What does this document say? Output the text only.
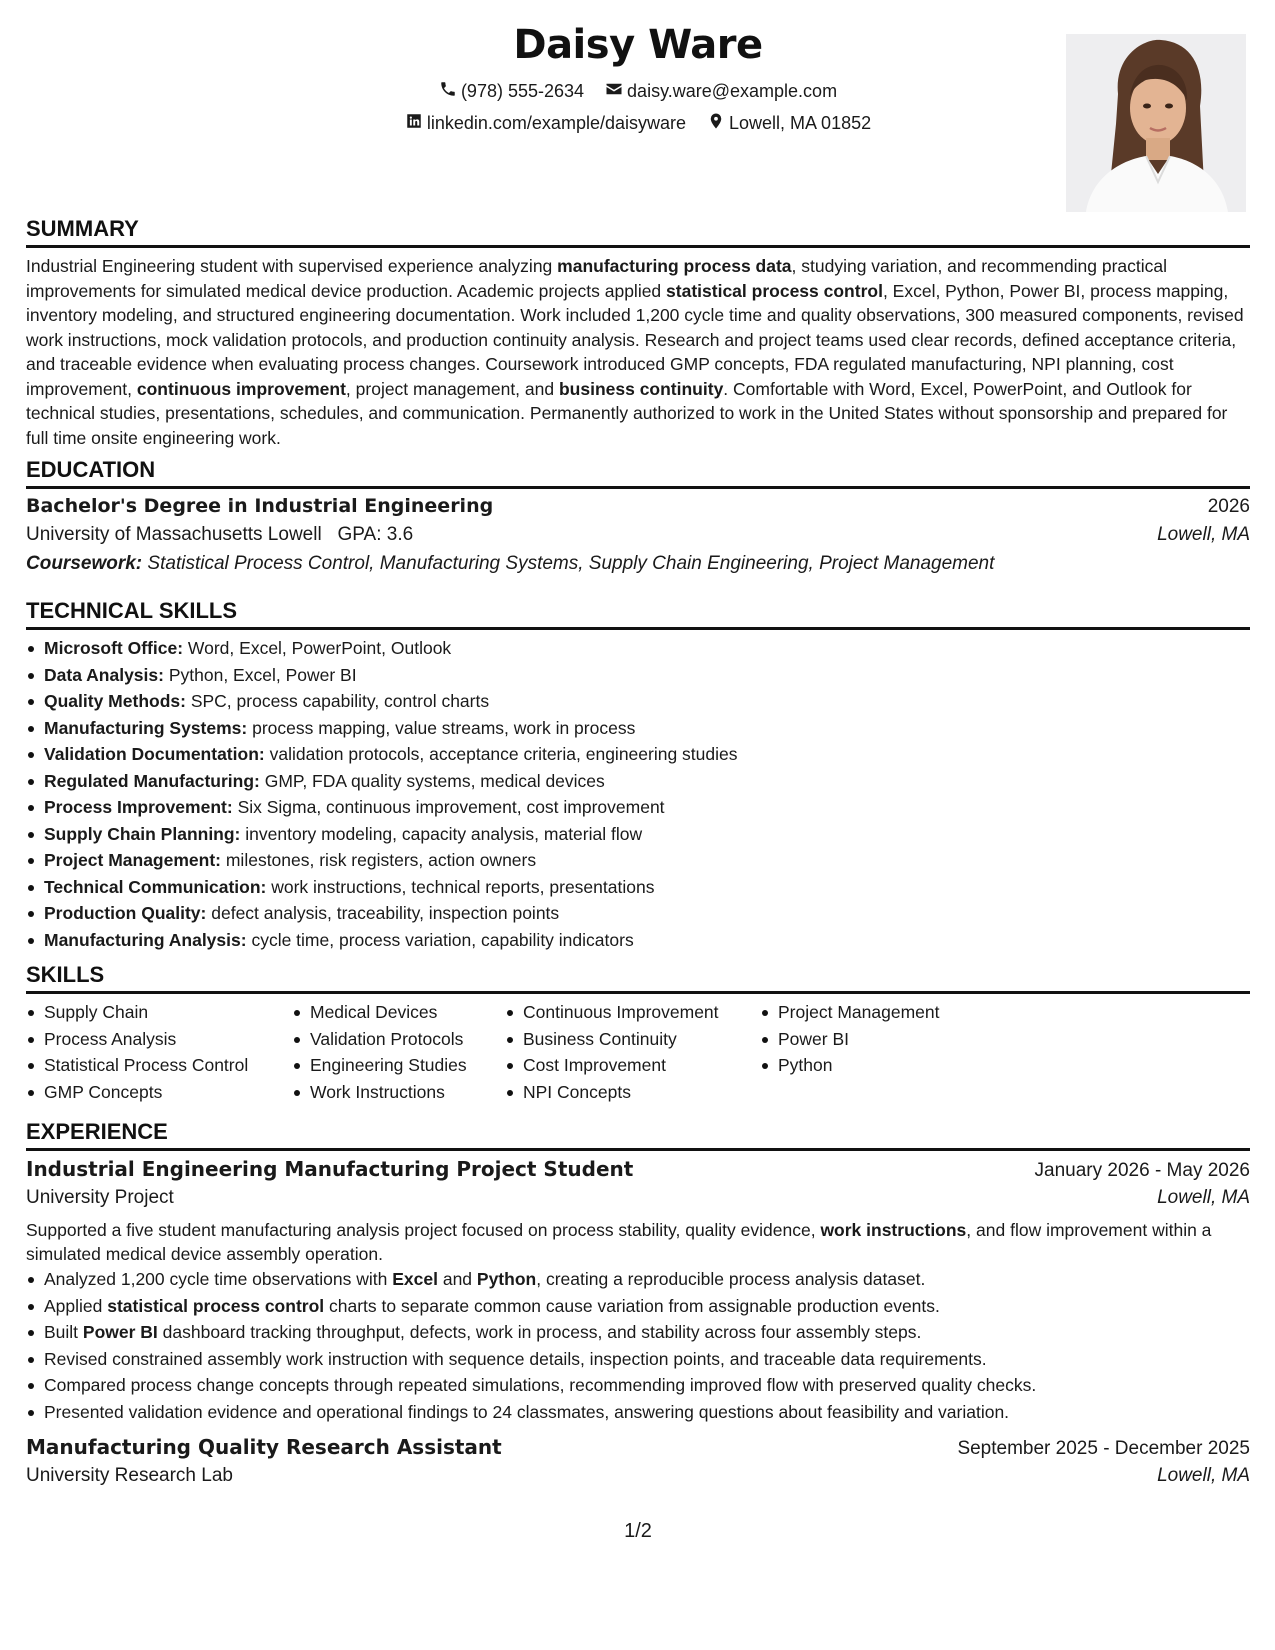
Daisy Ware
(978) 555-2634
daisy.ware@example.com
linkedin.com/example/daisyware
Lowell, MA 01852
SUMMARY

Industrial Engineering student with supervised experience analyzing manufacturing process data, studying variation, and recommending practical improvements for simulated medical device production. Academic projects applied statistical process control, Excel, Python, Power BI, process mapping, inventory modeling, and structured engineering documentation. Work included 1,200 cycle time and quality observations, 300 measured components, revised work instructions, mock validation protocols, and production continuity analysis. Research and project teams used clear records, defined acceptance criteria, and traceable evidence when evaluating process changes. Coursework introduced GMP concepts, FDA regulated manufacturing, NPI planning, cost improvement, continuous improvement, project management, and business continuity. Comfortable with Word, Excel, PowerPoint, and Outlook for technical studies, presentations, schedules, and communication. Permanently authorized to work in the United States without sponsorship and prepared for full time onsite engineering work.

EDUCATION
Bachelor's Degree in Industrial Engineering	2026
University of Massachusetts Lowell GPA: 3.6	Lowell, MA
Coursework: Statistical Process Control, Manufacturing Systems, Supply Chain Engineering, Project Management
TECHNICAL SKILLS
Microsoft Office: Word, Excel, PowerPoint, Outlook
Data Analysis: Python, Excel, Power BI
Quality Methods: SPC, process capability, control charts
Manufacturing Systems: process mapping, value streams, work in process
Validation Documentation: validation protocols, acceptance criteria, engineering studies
Regulated Manufacturing: GMP, FDA quality systems, medical devices
Process Improvement: Six Sigma, continuous improvement, cost improvement
Supply Chain Planning: inventory modeling, capacity analysis, material flow
Project Management: milestones, risk registers, action owners
Technical Communication: work instructions, technical reports, presentations
Production Quality: defect analysis, traceability, inspection points
Manufacturing Analysis: cycle time, process variation, capability indicators
SKILLS
Supply Chain
Process Analysis
Statistical Process Control
GMP Concepts
Medical Devices
Validation Protocols
Engineering Studies
Work Instructions
Continuous Improvement
Business Continuity
Cost Improvement
NPI Concepts
Project Management
Power BI
Python
EXPERIENCE
Industrial Engineering Manufacturing Project Student	January 2026 - May 2026
University Project	Lowell, MA

Supported a five student manufacturing analysis project focused on process stability, quality evidence, work instructions, and flow improvement within a simulated medical device assembly operation.

Analyzed 1,200 cycle time observations with Excel and Python, creating a reproducible process analysis dataset.
Applied statistical process control charts to separate common cause variation from assignable production events.
Built Power BI dashboard tracking throughput, defects, work in process, and stability across four assembly steps.
Revised constrained assembly work instruction with sequence details, inspection points, and traceable data requirements.
Compared process change concepts through repeated simulations, recommending improved flow with preserved quality checks.
Presented validation evidence and operational findings to 24 classmates, answering questions about feasibility and variation.
Manufacturing Quality Research Assistant	September 2025 - December 2025
University Research Lab	Lowell, MA
1/2
